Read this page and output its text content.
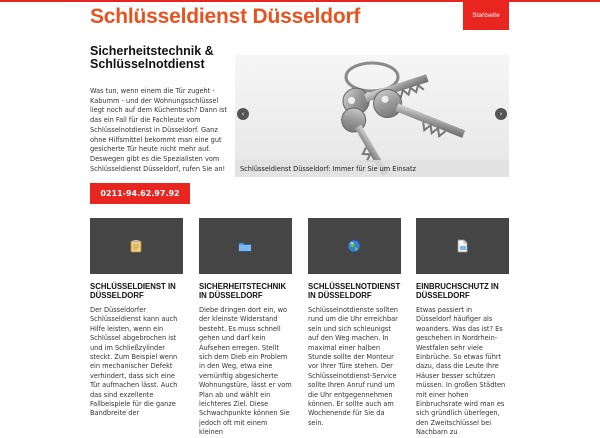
Schlüsseldienst Düsseldorf	Startseite
Sicherheitstechnik & Schlüsselnotdienst
Was tun, wenn einem die Tür zugeht - Kabumm - und der Wohnungsschlüssel liegt noch auf dem Küchentisch? Dann ist das ein Fall für die Fachleute vom Schlüsselnotdienst in Düsseldorf. Ganz ohne Hilfsmittel bekommt man eine gut gesicherte Tür heute nicht mehr auf. Deswegen gibt es die Spezialisten vom Schlüsseldienst Düsseldorf, rufen Sie an!
0211-94.62.97.92
‹	›
Schlüsseldienst Düsseldorf: Immer für Sie um Einsatz
SCHLÜSSELDIENST IN DÜSSELDORF

Der Düsseldorfer Schlüsseldienst kann auch Hilfe leisten, wenn ein Schlüssel abgebrochen ist und im Schließzylinder steckt. Zum Beispiel wenn ein mechanischer Defekt verhindert, dass sich eine Tür aufmachen lässt. Auch das sind exzellente Fallbeispiele für die ganze Bandbreite der

SICHERHEITSTECHNIK IN DÜSSELDORF

Diebe dringen dort ein, wo der kleinste Widerstand besteht. Es muss schnell gehen und darf kein Aufsehen erregen. Stellt sich dem Dieb ein Problem in den Weg, etwa eine vernünftig abgesicherte Wohnungstüre, lässt er vom Plan ab und wählt ein leichteres Ziel. Diese Schwachpunkte können Sie jedoch oft mit einem kleinen

SCHLÜSSELNOTDIENST IN DÜSSELDORF

Schlüsselnotdienste sollten rund um die Uhr erreichbar sein und sich schleunigst auf den Weg machen. In maximal einer halben Stunde sollte der Monteur vor Ihrer Türe stehen. Der Schlüsselnotdienst-Service sollte Ihren Anruf rund um die Uhr entgegennehmen können. Er sollte auch am Wochenende für Sie da sein.

EINBRUCHSCHUTZ IN DÜSSELDORF

Etwas passiert in Düsseldorf häufiger als woanders. Was das ist? Es geschehen in Nordrhein-Westfalen sehr viele Einbrüche. So etwas führt dazu, dass die Leute Ihre Häuser besser schützen müssen. In großen Städten mit einer hohen Einbruchsrate wird man es sich gründlich überlegen, den Zweitschlüssel bei Nachbarn zu
